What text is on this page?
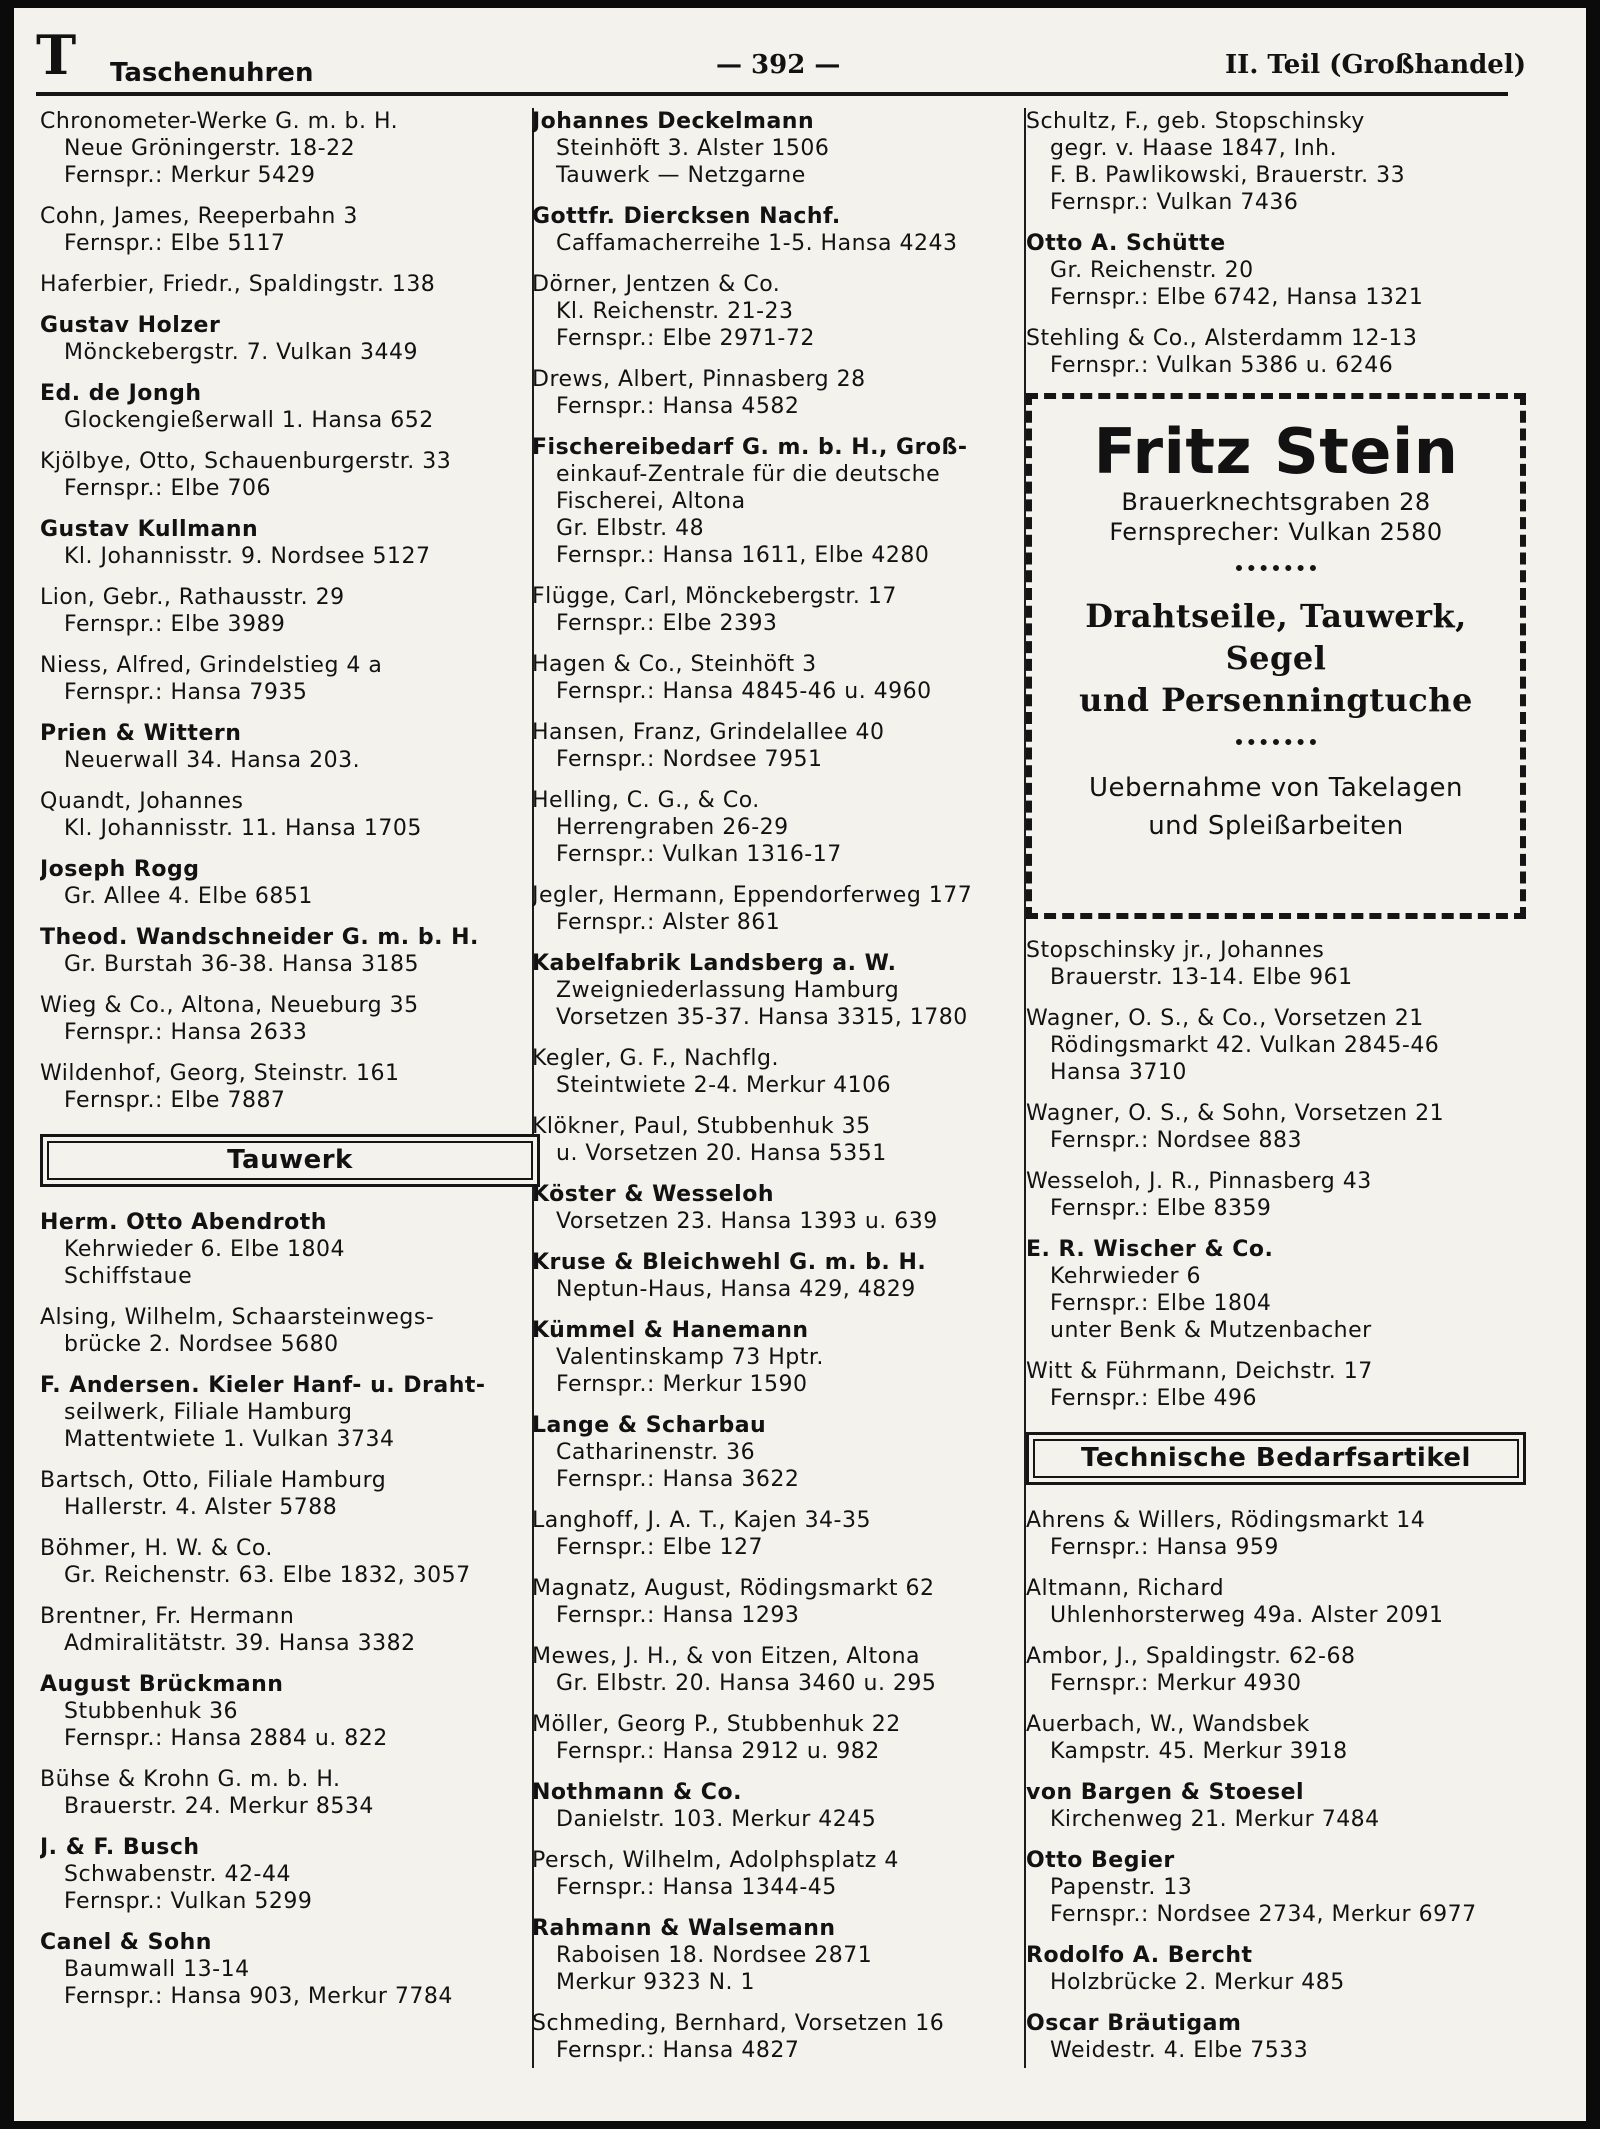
T Taschenuhren	— 392 —	II. Teil (Großhandel)
Chronometer-Werke G. m. b. H.
Neue Gröningerstr. 18-22
Fernspr.: Merkur 5429
Cohn, James, Reeperbahn 3
Fernspr.: Elbe 5117
Haferbier, Friedr., Spaldingstr. 138
Gustav Holzer
Mönckebergstr. 7. Vulkan 3449
Ed. de Jongh
Glockengießerwall 1. Hansa 652
Kjölbye, Otto, Schauenburgerstr. 33
Fernspr.: Elbe 706
Gustav Kullmann
Kl. Johannisstr. 9. Nordsee 5127
Lion, Gebr., Rathausstr. 29
Fernspr.: Elbe 3989
Niess, Alfred, Grindelstieg 4 a
Fernspr.: Hansa 7935
Prien & Wittern
Neuerwall 34. Hansa 203.
Quandt, Johannes
Kl. Johannisstr. 11. Hansa 1705
Joseph Rogg
Gr. Allee 4. Elbe 6851
Theod. Wandschneider G. m. b. H.
Gr. Burstah 36-38. Hansa 3185
Wieg & Co., Altona, Neueburg 35
Fernspr.: Hansa 2633
Wildenhof, Georg, Steinstr. 161
Fernspr.: Elbe 7887
Tauwerk
Herm. Otto Abendroth
Kehrwieder 6. Elbe 1804
Schiffstaue
Alsing, Wilhelm, Schaarsteinwegs-
brücke 2. Nordsee 5680
F. Andersen. Kieler Hanf- u. Draht-
seilwerk, Filiale Hamburg
Mattentwiete 1. Vulkan 3734
Bartsch, Otto, Filiale Hamburg
Hallerstr. 4. Alster 5788
Böhmer, H. W. & Co.
Gr. Reichenstr. 63. Elbe 1832, 3057
Brentner, Fr. Hermann
Admiralitätstr. 39. Hansa 3382
August Brückmann
Stubbenhuk 36
Fernspr.: Hansa 2884 u. 822
Bühse & Krohn G. m. b. H.
Brauerstr. 24. Merkur 8534
J. & F. Busch
Schwabenstr. 42-44
Fernspr.: Vulkan 5299
Canel & Sohn
Baumwall 13-14
Fernspr.: Hansa 903, Merkur 7784
Johannes Deckelmann
Steinhöft 3. Alster 1506
Tauwerk — Netzgarne
Gottfr. Diercksen Nachf.
Caffamacherreihe 1-5. Hansa 4243
Dörner, Jentzen & Co.
Kl. Reichenstr. 21-23
Fernspr.: Elbe 2971-72
Drews, Albert, Pinnasberg 28
Fernspr.: Hansa 4582
Fischereibedarf G. m. b. H., Groß-
einkauf-Zentrale für die deutsche
Fischerei, Altona
Gr. Elbstr. 48
Fernspr.: Hansa 1611, Elbe 4280
Flügge, Carl, Mönckebergstr. 17
Fernspr.: Elbe 2393
Hagen & Co., Steinhöft 3
Fernspr.: Hansa 4845-46 u. 4960
Hansen, Franz, Grindelallee 40
Fernspr.: Nordsee 7951
Helling, C. G., & Co.
Herrengraben 26-29
Fernspr.: Vulkan 1316-17
Jegler, Hermann, Eppendorferweg 177
Fernspr.: Alster 861
Kabelfabrik Landsberg a. W.
Zweigniederlassung Hamburg
Vorsetzen 35-37. Hansa 3315, 1780
Kegler, G. F., Nachflg.
Steintwiete 2-4. Merkur 4106
Klökner, Paul, Stubbenhuk 35
u. Vorsetzen 20. Hansa 5351
Köster & Wesseloh
Vorsetzen 23. Hansa 1393 u. 639
Kruse & Bleichwehl G. m. b. H.
Neptun-Haus, Hansa 429, 4829
Kümmel & Hanemann
Valentinskamp 73 Hptr.
Fernspr.: Merkur 1590
Lange & Scharbau
Catharinenstr. 36
Fernspr.: Hansa 3622
Langhoff, J. A. T., Kajen 34-35
Fernspr.: Elbe 127
Magnatz, August, Rödingsmarkt 62
Fernspr.: Hansa 1293
Mewes, J. H., & von Eitzen, Altona
Gr. Elbstr. 20. Hansa 3460 u. 295
Möller, Georg P., Stubbenhuk 22
Fernspr.: Hansa 2912 u. 982
Nothmann & Co.
Danielstr. 103. Merkur 4245
Persch, Wilhelm, Adolphsplatz 4
Fernspr.: Hansa 1344-45
Rahmann & Walsemann
Raboisen 18. Nordsee 2871
Merkur 9323 N. 1
Schmeding, Bernhard, Vorsetzen 16
Fernspr.: Hansa 4827
Schultz, F., geb. Stopschinsky
gegr. v. Haase 1847, Inh.
F. B. Pawlikowski, Brauerstr. 33
Fernspr.: Vulkan 7436
Otto A. Schütte
Gr. Reichenstr. 20
Fernspr.: Elbe 6742, Hansa 1321
Stehling & Co., Alsterdamm 12-13
Fernspr.: Vulkan 5386 u. 6246
Fritz Stein
Brauerknechtsgraben 28
Fernsprecher: Vulkan 2580
Drahtseile, Tauwerk, Segel
und Persenningtuche
Uebernahme von Takelagen
und Spleißarbeiten
Stopschinsky jr., Johannes
Brauerstr. 13-14. Elbe 961
Wagner, O. S., & Co., Vorsetzen 21
Rödingsmarkt 42. Vulkan 2845-46
Hansa 3710
Wagner, O. S., & Sohn, Vorsetzen 21
Fernspr.: Nordsee 883
Wesseloh, J. R., Pinnasberg 43
Fernspr.: Elbe 8359
E. R. Wischer & Co.
Kehrwieder 6
Fernspr.: Elbe 1804
unter Benk & Mutzenbacher
Witt & Führmann, Deichstr. 17
Fernspr.: Elbe 496
Technische Bedarfsartikel
Ahrens & Willers, Rödingsmarkt 14
Fernspr.: Hansa 959
Altmann, Richard
Uhlenhorsterweg 49a. Alster 2091
Ambor, J., Spaldingstr. 62-68
Fernspr.: Merkur 4930
Auerbach, W., Wandsbek
Kampstr. 45. Merkur 3918
von Bargen & Stoesel
Kirchenweg 21. Merkur 7484
Otto Begier
Papenstr. 13
Fernspr.: Nordsee 2734, Merkur 6977
Rodolfo A. Bercht
Holzbrücke 2. Merkur 485
Oscar Bräutigam
Weidestr. 4. Elbe 7533
